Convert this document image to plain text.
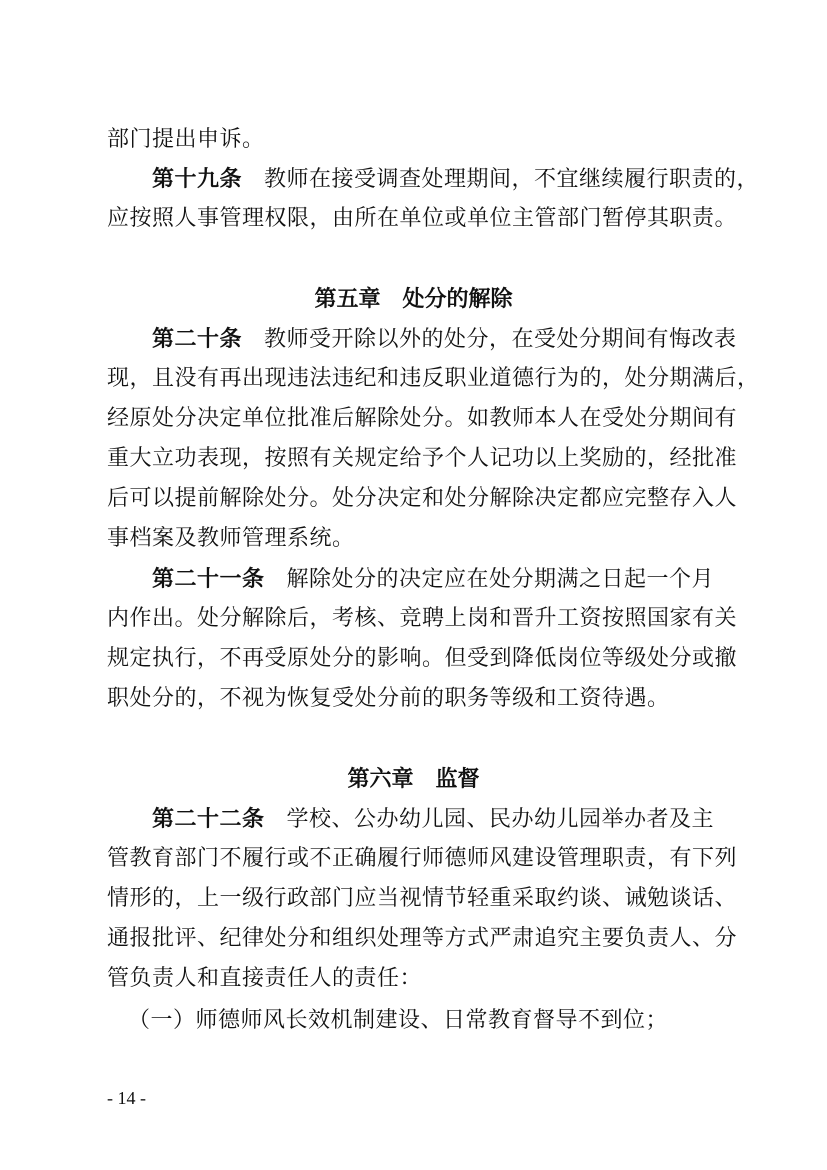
部门提出申诉。
第十九条 教师在接受调查处理期间，不宜继续履行职责的，
应按照人事管理权限，由所在单位或单位主管部门暂停其职责。
第五章　处分的解除
第二十条 教师受开除以外的处分，在受处分期间有悔改表
现，且没有再出现违法违纪和违反职业道德行为的，处分期满后，
经原处分决定单位批准后解除处分。如教师本人在受处分期间有
重大立功表现，按照有关规定给予个人记功以上奖励的，经批准
后可以提前解除处分。处分决定和处分解除决定都应完整存入人
事档案及教师管理系统。
第二十一条 解除处分的决定应在处分期满之日起一个月
内作出。处分解除后，考核、竞聘上岗和晋升工资按照国家有关
规定执行，不再受原处分的影响。但受到降低岗位等级处分或撤
职处分的，不视为恢复受处分前的职务等级和工资待遇。
第六章　监督
第二十二条 学校、公办幼儿园、民办幼儿园举办者及主
管教育部门不履行或不正确履行师德师风建设管理职责，有下列
情形的，上一级行政部门应当视情节轻重采取约谈、诫勉谈话、
通报批评、纪律处分和组织处理等方式严肃追究主要负责人、分
管负责人和直接责任人的责任：
（一）师德师风长效机制建设、日常教育督导不到位；
- 14 -
